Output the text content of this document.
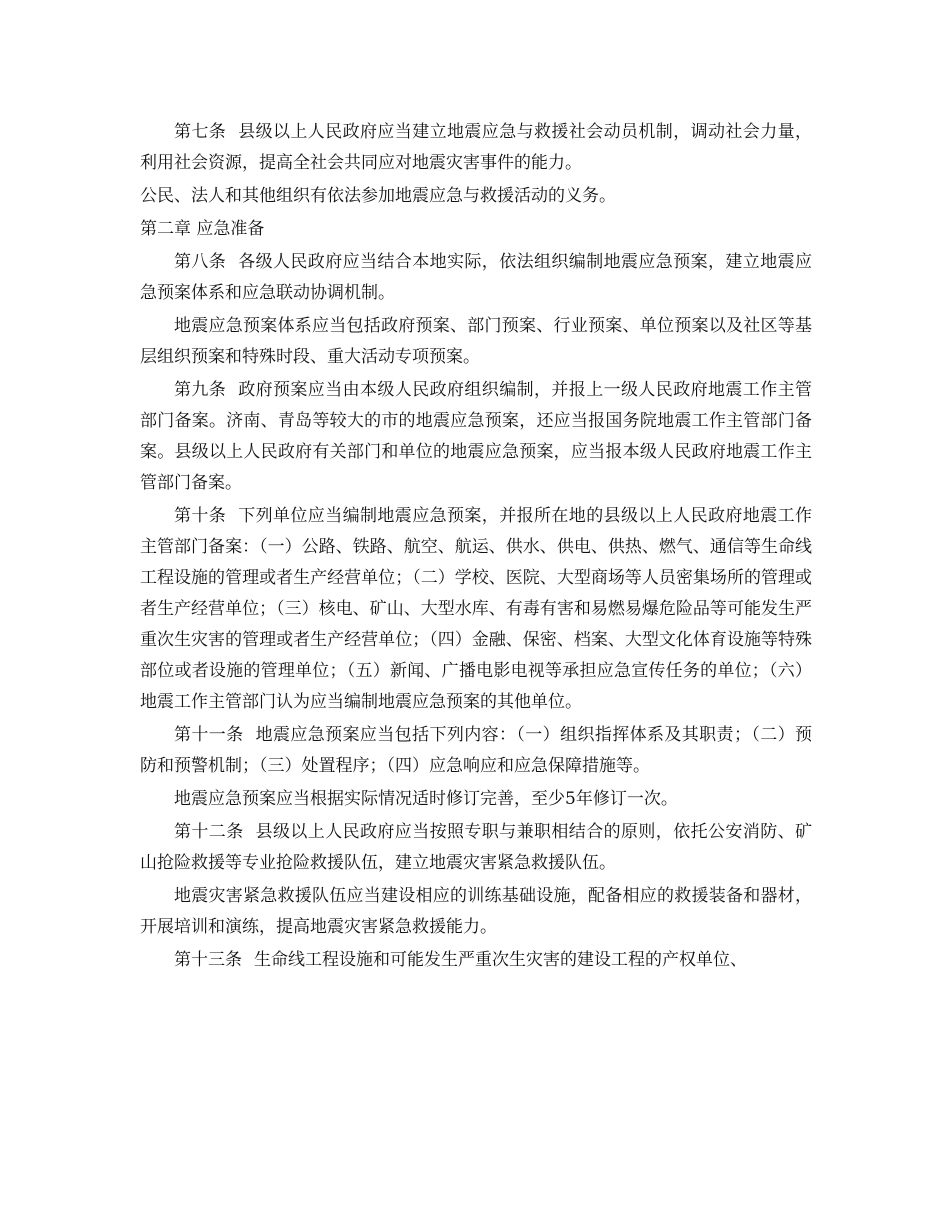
第七条 县级以上人民政府应当建立地震应急与救援社会动员机制，调动社会力量，利用社会资源，提高全社会共同应对地震灾害事件的能力。

公民、法人和其他组织有依法参加地震应急与救援活动的义务。

第二章 应急准备

第八条 各级人民政府应当结合本地实际，依法组织编制地震应急预案，建立地震应急预案体系和应急联动协调机制。

地震应急预案体系应当包括政府预案、部门预案、行业预案、单位预案以及社区等基层组织预案和特殊时段、重大活动专项预案。

第九条 政府预案应当由本级人民政府组织编制，并报上一级人民政府地震工作主管部门备案。济南、青岛等较大的市的地震应急预案，还应当报国务院地震工作主管部门备案。县级以上人民政府有关部门和单位的地震应急预案，应当报本级人民政府地震工作主管部门备案。

第十条 下列单位应当编制地震应急预案，并报所在地的县级以上人民政府地震工作主管部门备案：（一）公路、铁路、航空、航运、供水、供电、供热、燃气、通信等生命线工程设施的管理或者生产经营单位；（二）学校、医院、大型商场等人员密集场所的管理或者生产经营单位；（三）核电、矿山、大型水库、有毒有害和易燃易爆危险品等可能发生严重次生灾害的管理或者生产经营单位；（四）金融、保密、档案、大型文化体育设施等特殊部位或者设施的管理单位；（五）新闻、广播电影电视等承担应急宣传任务的单位；（六）地震工作主管部门认为应当编制地震应急预案的其他单位。

第十一条 地震应急预案应当包括下列内容：（一）组织指挥体系及其职责；（二）预防和预警机制；（三）处置程序；（四）应急响应和应急保障措施等。

地震应急预案应当根据实际情况适时修订完善，至少5年修订一次。

第十二条 县级以上人民政府应当按照专职与兼职相结合的原则，依托公安消防、矿山抢险救援等专业抢险救援队伍，建立地震灾害紧急救援队伍。

地震灾害紧急救援队伍应当建设相应的训练基础设施，配备相应的救援装备和器材，开展培训和演练，提高地震灾害紧急救援能力。

第十三条 生命线工程设施和可能发生严重次生灾害的建设工程的产权单位、
